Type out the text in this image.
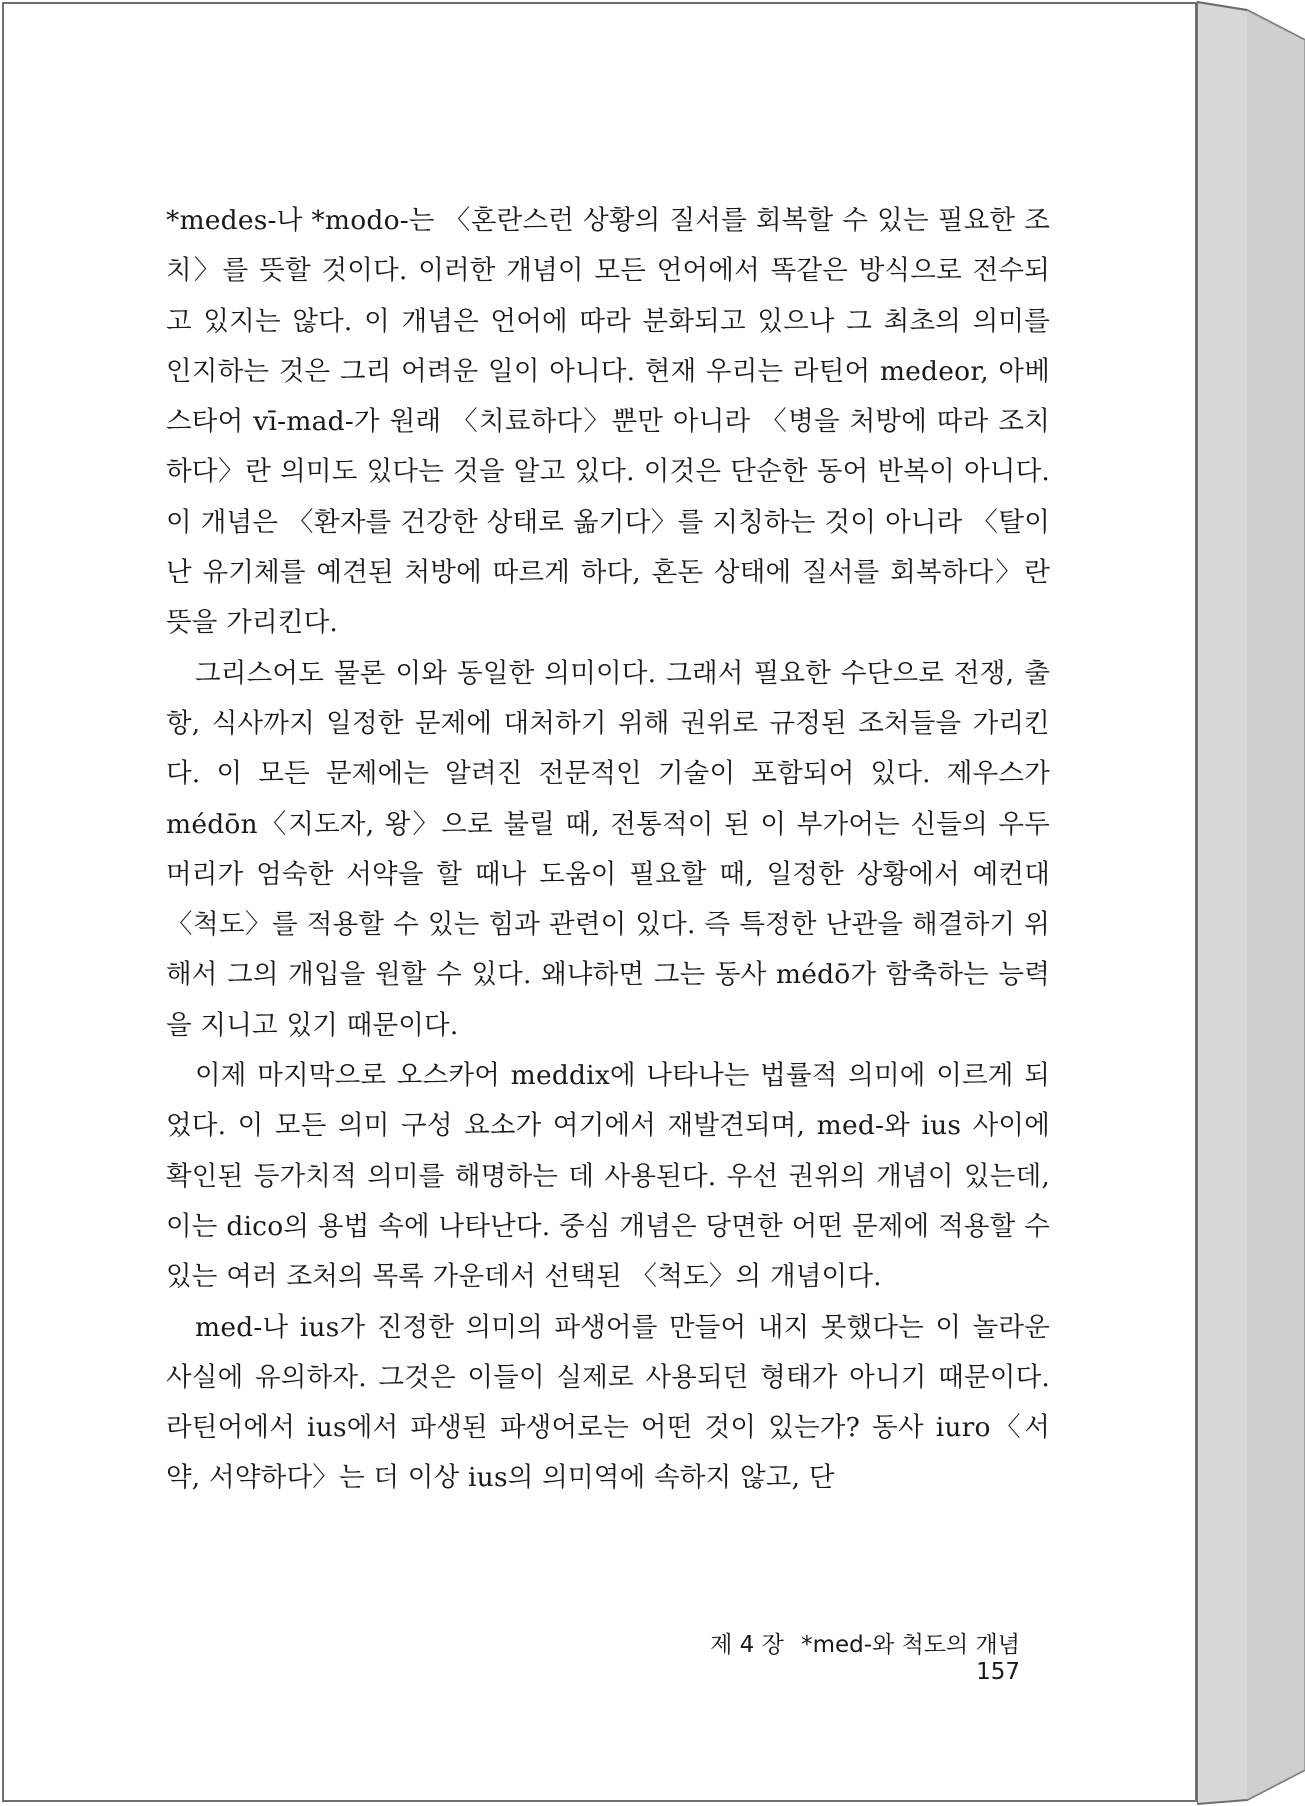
*medes-나 *modo-는 〈혼란스런 상황의 질서를 회복할 수 있는 필요한 조치〉를 뜻할 것이다. 이러한 개념이 모든 언어에서 똑같은 방식으로 전수되고 있지는 않다. 이 개념은 언어에 따라 분화되고 있으나 그 최초의 의미를 인지하는 것은 그리 어려운 일이 아니다. 현재 우리는 라틴어 medeor, 아베스타어 vī-mad-가 원래 〈치료하다〉뿐만 아니라 〈병을 처방에 따라 조치하다〉란 의미도 있다는 것을 알고 있다. 이것은 단순한 동어 반복이 아니다. 이 개념은 〈환자를 건강한 상태로 옮기다〉를 지칭하는 것이 아니라 〈탈이 난 유기체를 예견된 처방에 따르게 하다, 혼돈 상태에 질서를 회복하다〉란 뜻을 가리킨다.

그리스어도 물론 이와 동일한 의미이다. 그래서 필요한 수단으로 전쟁, 출항, 식사까지 일정한 문제에 대처하기 위해 권위로 규정된 조처들을 가리킨다. 이 모든 문제에는 알려진 전문적인 기술이 포함되어 있다. 제우스가 médōn〈지도자, 왕〉으로 불릴 때, 전통적이 된 이 부가어는 신들의 우두머리가 엄숙한 서약을 할 때나 도움이 필요할 때, 일정한 상황에서 예컨대 〈척도〉를 적용할 수 있는 힘과 관련이 있다. 즉 특정한 난관을 해결하기 위해서 그의 개입을 원할 수 있다. 왜냐하면 그는 동사 médō가 함축하는 능력을 지니고 있기 때문이다.

이제 마지막으로 오스카어 meddix에 나타나는 법률적 의미에 이르게 되었다. 이 모든 의미 구성 요소가 여기에서 재발견되며, med-와 ius 사이에 확인된 등가치적 의미를 해명하는 데 사용된다. 우선 권위의 개념이 있는데, 이는 dico의 용법 속에 나타난다. 중심 개념은 당면한 어떤 문제에 적용할 수 있는 여러 조처의 목록 가운데서 선택된 〈척도〉의 개념이다.

med-나 ius가 진정한 의미의 파생어를 만들어 내지 못했다는 이 놀라운 사실에 유의하자. 그것은 이들이 실제로 사용되던 형태가 아니기 때문이다. 라틴어에서 ius에서 파생된 파생어로는 어떤 것이 있는가? 동사 iuro〈서약, 서약하다〉는 더 이상 ius의 의미역에 속하지 않고, 단

제 4 장 *med-와 척도의 개념 157
